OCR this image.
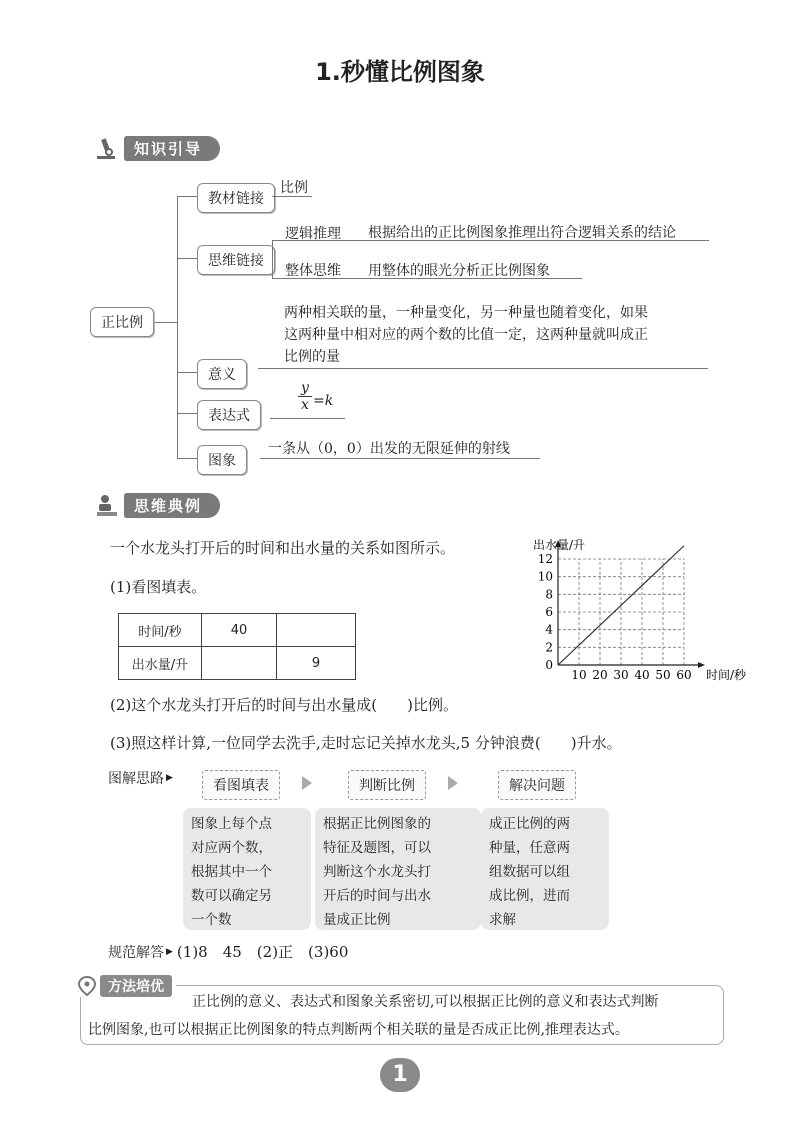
1.秒懂比例图象
知识引导
正比例
教材链接
比例
思维链接
逻辑推理 根据给出的正比例图象推理出符合逻辑关系的结论
整体思维 用整体的眼光分析正比例图象
两种相关联的量，一种量变化，另一种量也随着变化，如果
这两种量中相对应的两个数的比值一定，这两种量就叫成正
比例的量
意义
表达式
$\frac{y}{x} =k$
图象
一条从（0，0）出发的无限延伸的射线
思维典例
一个水龙头打开后的时间和出水量的关系如图所示。
(1)看图填表。
时间/秒	40	
出水量/升		9
10 20 30 40 50 60
0
2
4
6
8
10
12
出水量/升
时间/秒
(2)这个水龙头打开后的时间与出水量成(　　)比例。
(3)照这样计算,一位同学去洗手,走时忘记关掉水龙头,5 分钟浪费(　　)升水。
图解思路 ▶	看图填表	判断比例	解决问题
图象上每个点
对应两个数，
根据其中一个
数可以确定另
一个数
根据正比例图象的
特征及题图，可以
判断这个水龙头打
开后的时间与出水
量成正比例
成正比例的两
种量，任意两
组数据可以组
成比例，进而
求解
规范解答 ▶ (1)8　45　(2)正　(3)60
方法培优
正比例的意义、表达式和图象关系密切,可以根据正比例的意义和表达式判断
比例图象,也可以根据正比例图象的特点判断两个相关联的量是否成正比例,推理表达式。
1
